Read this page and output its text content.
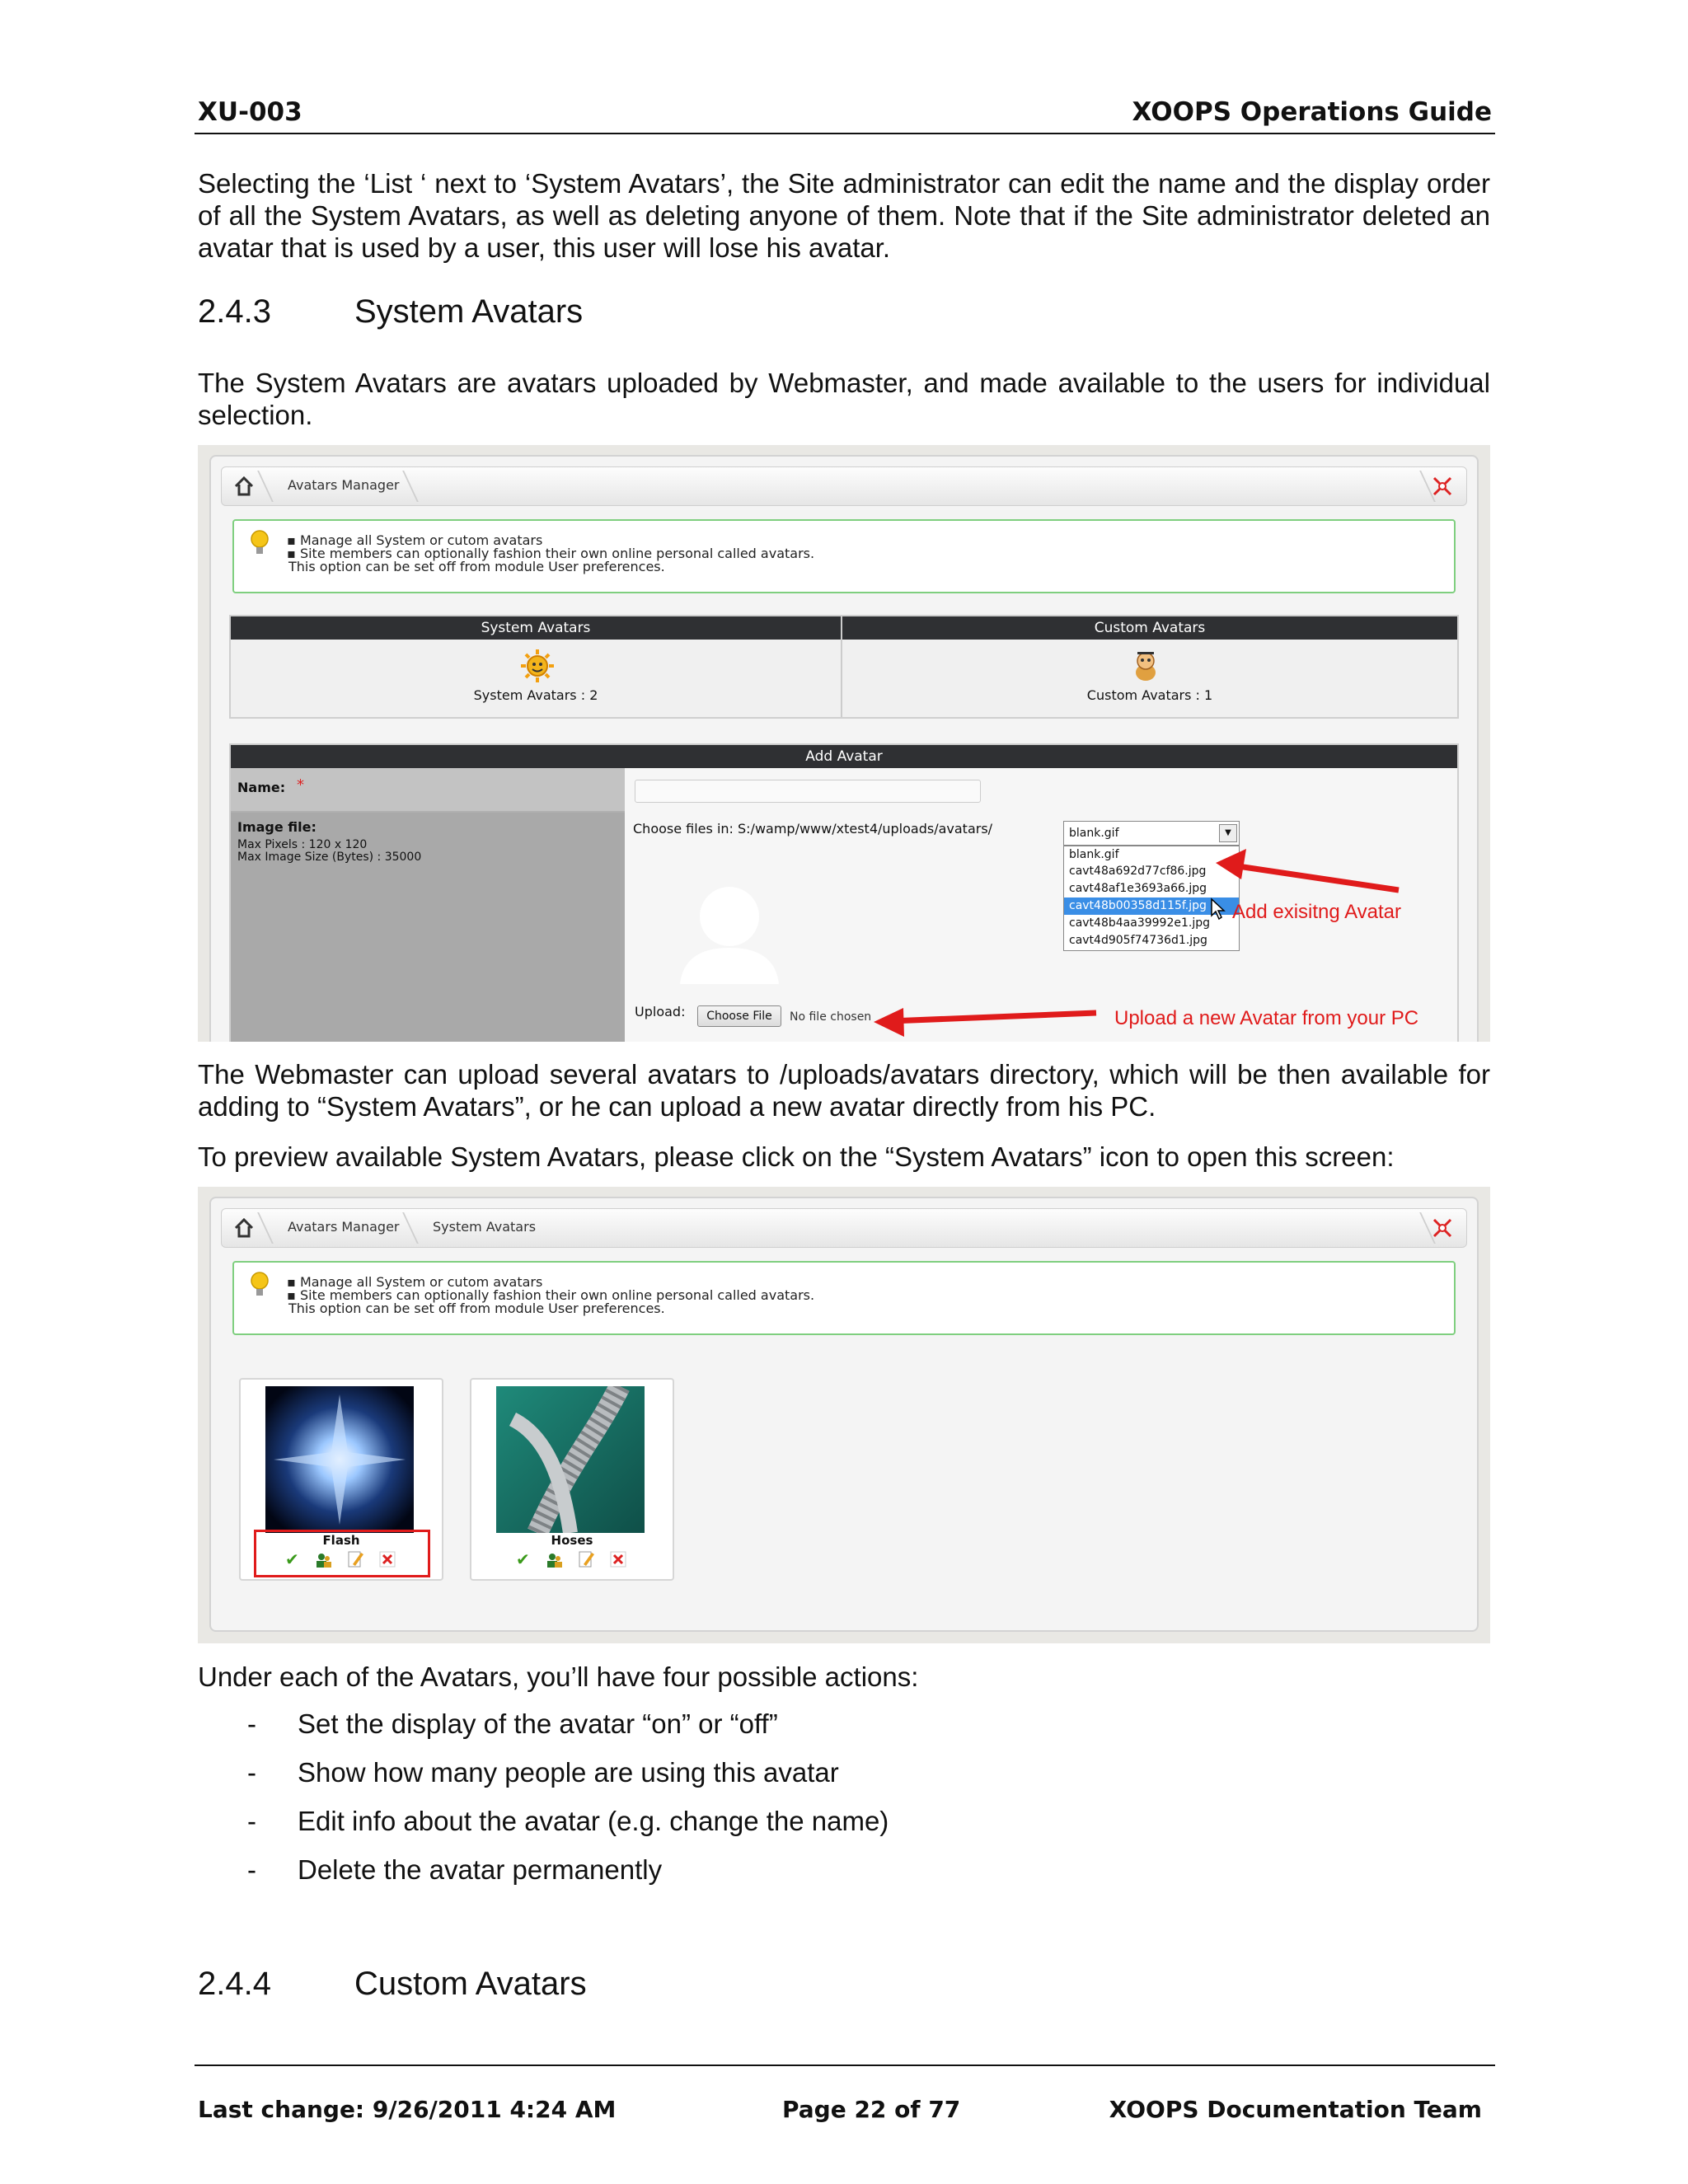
XU-003	XOOPS Operations Guide
Selecting the ‘List ‘ next to ‘System Avatars’, the Site administrator can edit the name and the display order of all the System Avatars, as well as deleting anyone of them. Note that if the Site administrator deleted an avatar that is used by a user, this user will lose his avatar.
2.4.3	System Avatars
The System Avatars are avatars uploaded by Webmaster, and made available to the users for individual selection.
Avatars Manager
▪ Manage all System or cutom avatars
▪ Site members can optionally fashion their own online personal called avatars.
This option can be set off from module User preferences.
System Avatars	Custom Avatars
System Avatars : 2	Custom Avatars : 1
Add Avatar
Name: *
Image file:
Max Pixels : 120 x 120
Max Image Size (Bytes) : 35000
Choose files in: S:/wamp/www/xtest4/uploads/avatars/	blank.gif	▼
blank.gif
cavt48a692d77cf86.jpg
cavt48af1e3693a66.jpg
cavt48b00358d115f.jpg
cavt48b4aa39992e1.jpg
cavt4d905f74736d1.jpg
Upload:	Choose File	No file chosen
Add exisitng Avatar
Upload a new Avatar from your PC
The Webmaster can upload several avatars to /uploads/avatars directory, which will be then available for adding to “System Avatars”, or he can upload a new avatar directly from his PC.
To preview available System Avatars, please click on the “System Avatars” icon to open this screen:
Avatars Manager	System Avatars
▪ Manage all System or cutom avatars
▪ Site members can optionally fashion their own online personal called avatars.
This option can be set off from module User preferences.
Flash
✔
Hoses
✔
Under each of the Avatars, you’ll have four possible actions:
- Set the display of the avatar “on” or “off”
- Show how many people are using this avatar
- Edit info about the avatar (e.g. change the name)
- Delete the avatar permanently
2.4.4	Custom Avatars
Last change: 9/26/2011 4:24 AM	Page 22 of 77	XOOPS Documentation Team
